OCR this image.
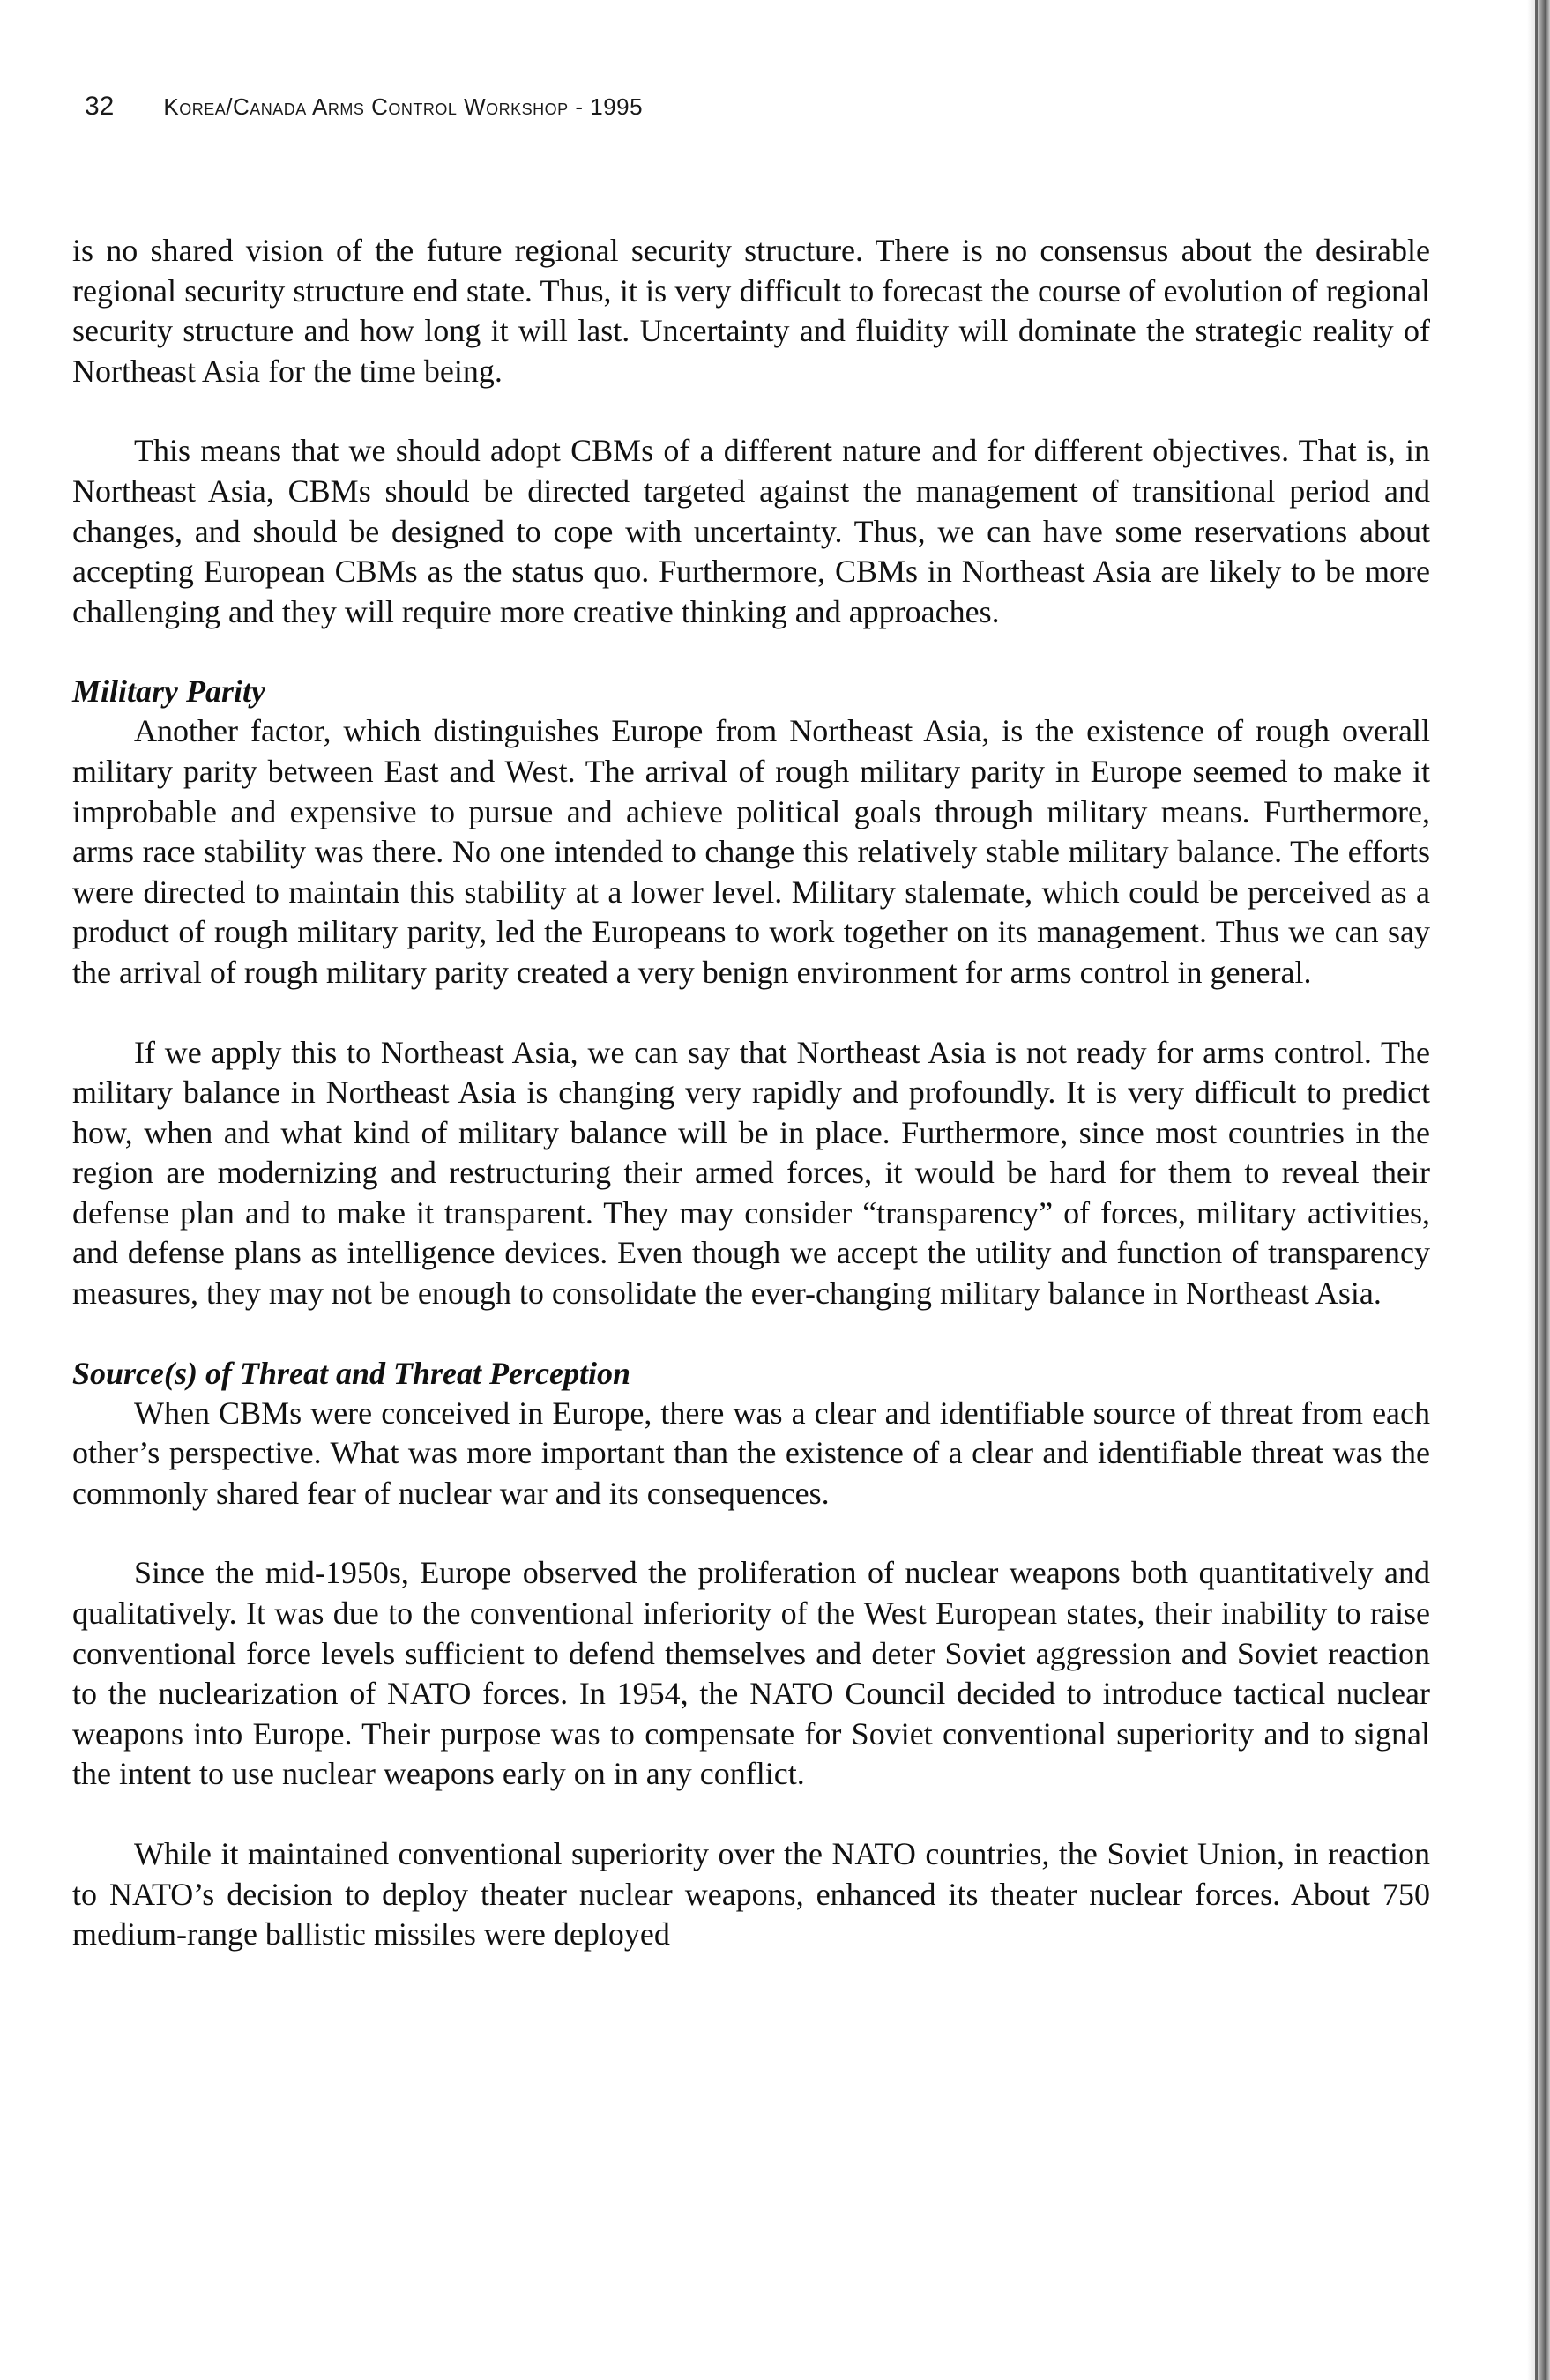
32 Korea/Canada Arms Control Workshop - 1995

is no shared vision of the future regional security structure. There is no consensus about the desirable regional security structure end state. Thus, it is very difficult to forecast the course of evolution of regional security structure and how long it will last. Uncertainty and fluidity will dominate the strategic reality of Northeast Asia for the time being.

This means that we should adopt CBMs of a different nature and for different objectives. That is, in Northeast Asia, CBMs should be directed targeted against the management of transitional period and changes, and should be designed to cope with uncertainty. Thus, we can have some reservations about accepting European CBMs as the status quo. Furthermore, CBMs in Northeast Asia are likely to be more challenging and they will require more creative thinking and approaches.

Military Parity

Another factor, which distinguishes Europe from Northeast Asia, is the existence of rough overall military parity between East and West. The arrival of rough military parity in Europe seemed to make it improbable and expensive to pursue and achieve political goals through military means. Furthermore, arms race stability was there. No one intended to change this relatively stable military balance. The efforts were directed to maintain this stability at a lower level. Military stalemate, which could be perceived as a product of rough military parity, led the Europeans to work together on its management. Thus we can say the arrival of rough military parity created a very benign environment for arms control in general.

If we apply this to Northeast Asia, we can say that Northeast Asia is not ready for arms control. The military balance in Northeast Asia is changing very rapidly and profoundly. It is very difficult to predict how, when and what kind of military balance will be in place. Furthermore, since most countries in the region are modernizing and restructuring their armed forces, it would be hard for them to reveal their defense plan and to make it transparent. They may consider “transparency” of forces, military activities, and defense plans as intelligence devices. Even though we accept the utility and function of transparency measures, they may not be enough to consolidate the ever-changing military balance in Northeast Asia.

Source(s) of Threat and Threat Perception

When CBMs were conceived in Europe, there was a clear and identifiable source of threat from each other’s perspective. What was more important than the existence of a clear and identifiable threat was the commonly shared fear of nuclear war and its consequences.

Since the mid-1950s, Europe observed the proliferation of nuclear weapons both quantitatively and qualitatively. It was due to the conventional inferiority of the West European states, their inability to raise conventional force levels sufficient to defend themselves and deter Soviet aggression and Soviet reaction to the nuclearization of NATO forces. In 1954, the NATO Council decided to introduce tactical nuclear weapons into Europe. Their purpose was to compensate for Soviet conventional superiority and to signal the intent to use nuclear weapons early on in any conflict.

While it maintained conventional superiority over the NATO countries, the Soviet Union, in reaction to NATO’s decision to deploy theater nuclear weapons, enhanced its theater nuclear forces. About 750 medium-range ballistic missiles were deployed
